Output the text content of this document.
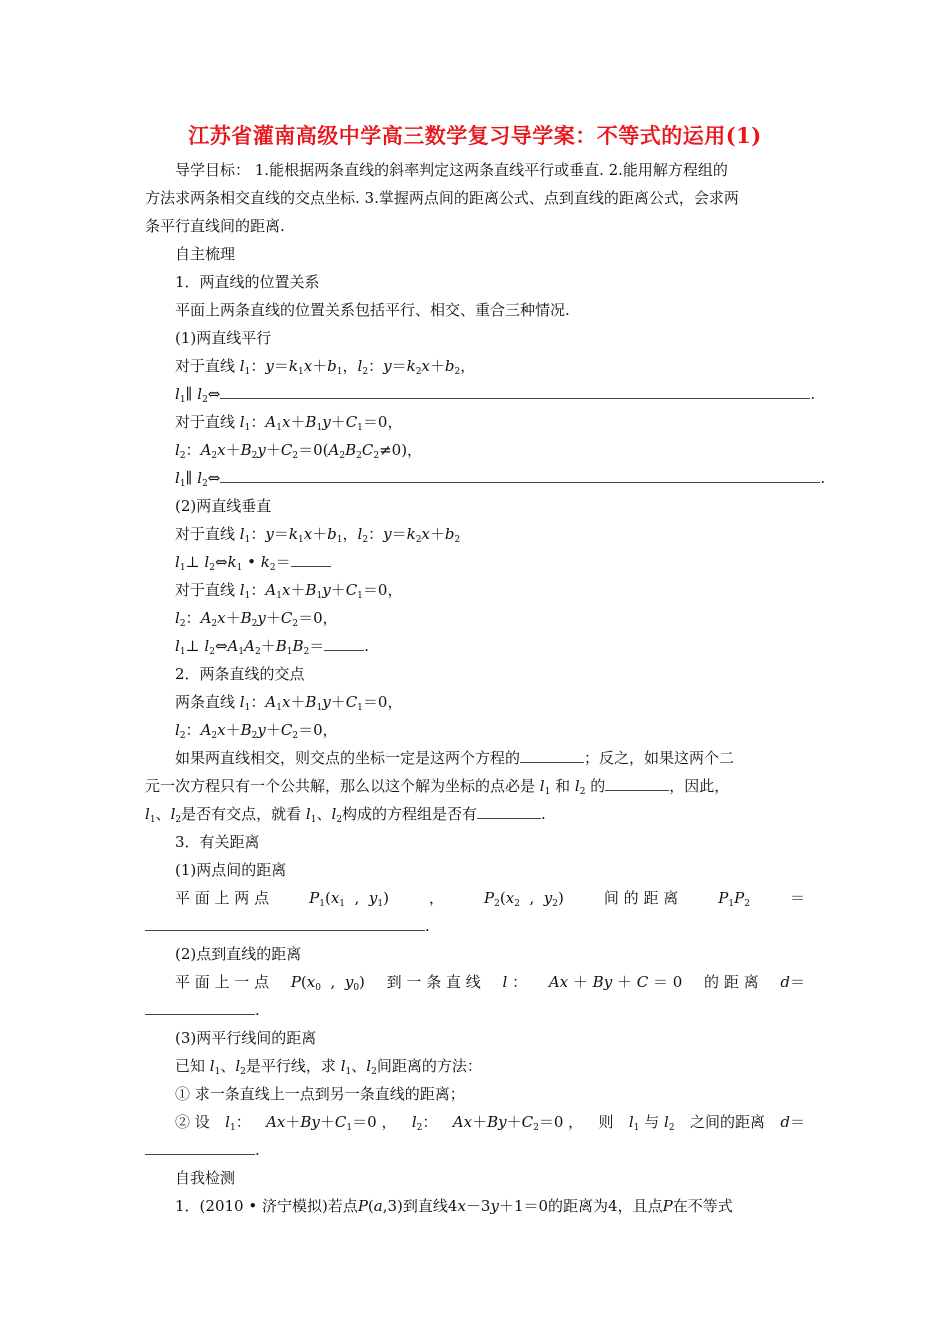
江苏省灌南高级中学高三数学复习导学案：不等式的运用(1)
导学目标： 1.能根据两条直线的斜率判定这两条直线平行或垂直. 2.能用解方程组的
方法求两条相交直线的交点坐标. 3.掌握两点间的距离公式、点到直线的距离公式，会求两
条平行直线间的距离.
自主梳理
1．两直线的位置关系
平面上两条直线的位置关系包括平行、相交、重合三种情况.
(1)两直线平行
对于直线 $l_1$：$y=k_1x+b_1$，$l_2$：$y=k_2x+b_2$，
$l_1\parallel$ $l_2\Leftrightarrow$	.
对于直线 $l_1$：$A_1x+B_1y+C_1=0$，
$l_2$：$A_2x+B_2y+C_2=0(A_2B_2C_2\ne 0)$，
$l_1\parallel$ $l_2\Leftrightarrow$	.
(2)两直线垂直
对于直线 $l_1$：$y=k_1x+b_1$，$l_2$：$y=k_2x+b_2$
$l_1\perp$ $l_2\Leftrightarrow k_1$ • $k_2=$
对于直线 $l_1$：$A_1x+B_1y+C_1=0$，
$l_2$：$A_2x+B_2y+C_2=0$，
$l_1\perp$ $l_2\Leftrightarrow A_1A_2+B_1B_2=$	.
2．两条直线的交点
两条直线 $l_1$：$A_1x+B_1y+C_1=0$，
$l_2$：$A_2x+B_2y+C_2=0$，
如果两直线相交，则交点的坐标一定是这两个方程的	；反之，如果这两个二
元一次方程只有一个公共解，那么以这个解为坐标的点必是 $l_1$ 和 $l_2$ 的	，因此，
$l_1$、$l_2$是否有交点，就看 $l_1$、$l_2$构成的方程组是否有	.
3．有关距离
(1)两点间的距离
平 面 上 两 点	$P_1(x_1$  ,  $y_1$)	，	$P_2(x_2$  ,  $y_2$)	间 的 距 离	$P_1P_2$	＝
.
(2)点到直线的距离
平 面 上 一 点 $P(x_0$  ,  $y_0$) 到 一 条 直 线 l ： Ax ＋ By ＋ C ＝ 0 的 距 离 d＝
.
(3)两平行线间的距离
已知 $l_1$、$l_2$是平行线，求 $l_1$、$l_2$间距离的方法：
① 求一条直线上一点到另一条直线的距离；
② 设 $l_1$： $Ax+By+C_1=0$ ， $l_2$： $Ax+By+C_2=0$ ， 则 $l_1$ 与 $l_2$ 之间的距离 d＝
.
自我检测
1．(2010 • 济宁模拟)若点P(a,3)到直线4x－3y＋1＝0的距离为4，且点P在不等式
